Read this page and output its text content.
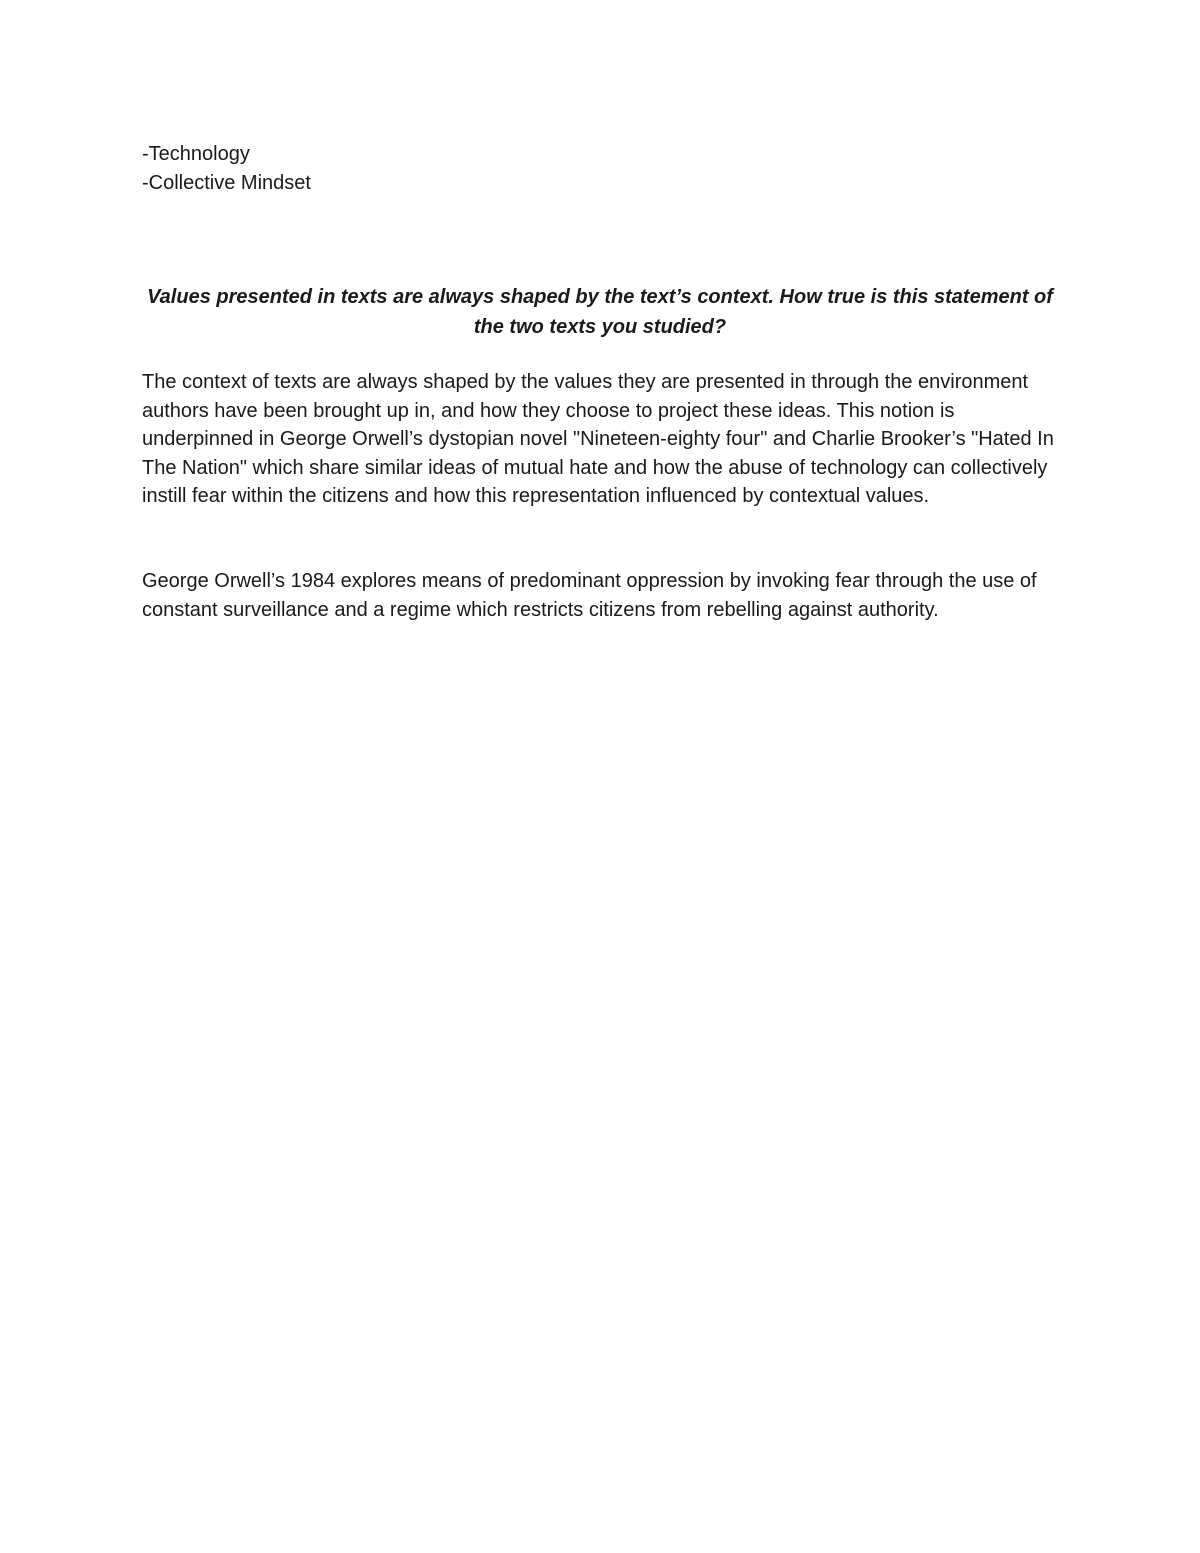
-Technology
-Collective Mindset

Values presented in texts are always shaped by the text’s context. How true is this statement of the two texts you studied?

The context of texts are always shaped by the values they are presented in through the environment authors have been brought up in, and how they choose to project these ideas. This notion is underpinned in George Orwell’s dystopian novel "Nineteen-eighty four" and Charlie Brooker’s "Hated In The Nation" which share similar ideas of mutual hate and how the abuse of technology can collectively instill fear within the citizens and how this representation influenced by contextual values.

George Orwell’s 1984 explores means of predominant oppression by invoking fear through the use of constant surveillance and a regime which restricts citizens from rebelling against authority.
